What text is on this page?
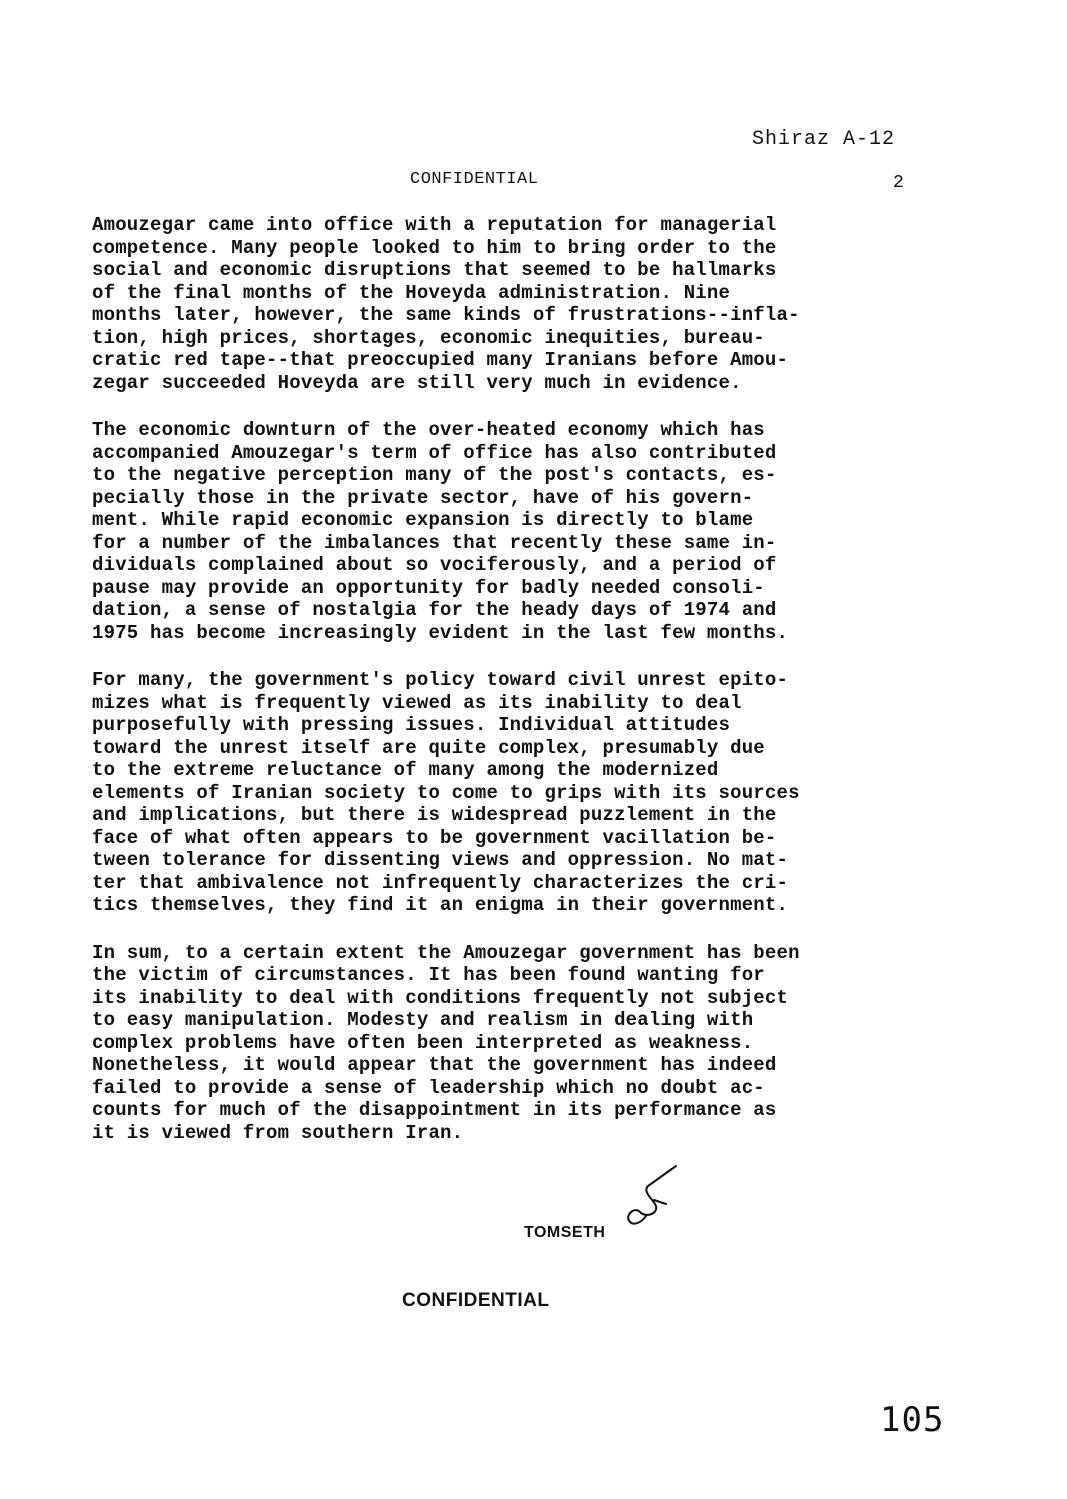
Shiraz A-12
CONFIDENTIAL	2

Amouzegar came into office with a reputation for managerial
competence. Many people looked to him to bring order to the
social and economic disruptions that seemed to be hallmarks
of the final months of the Hoveyda administration. Nine
months later, however, the same kinds of frustrations--infla-
tion, high prices, shortages, economic inequities, bureau-
cratic red tape--that preoccupied many Iranians before Amou-
zegar succeeded Hoveyda are still very much in evidence.

The economic downturn of the over-heated economy which has
accompanied Amouzegar's term of office has also contributed
to the negative perception many of the post's contacts, es-
pecially those in the private sector, have of his govern-
ment. While rapid economic expansion is directly to blame
for a number of the imbalances that recently these same in-
dividuals complained about so vociferously, and a period of
pause may provide an opportunity for badly needed consoli-
dation, a sense of nostalgia for the heady days of 1974 and
1975 has become increasingly evident in the last few months.

For many, the government's policy toward civil unrest epito-
mizes what is frequently viewed as its inability to deal
purposefully with pressing issues. Individual attitudes
toward the unrest itself are quite complex, presumably due
to the extreme reluctance of many among the modernized
elements of Iranian society to come to grips with its sources
and implications, but there is widespread puzzlement in the
face of what often appears to be government vacillation be-
tween tolerance for dissenting views and oppression. No mat-
ter that ambivalence not infrequently characterizes the cri-
tics themselves, they find it an enigma in their government.

In sum, to a certain extent the Amouzegar government has been
the victim of circumstances. It has been found wanting for
its inability to deal with conditions frequently not subject
to easy manipulation. Modesty and realism in dealing with
complex problems have often been interpreted as weakness.
Nonetheless, it would appear that the government has indeed
failed to provide a sense of leadership which no doubt ac-
counts for much of the disappointment in its performance as
it is viewed from southern Iran.

TOMSETH
CONFIDENTIAL
105
